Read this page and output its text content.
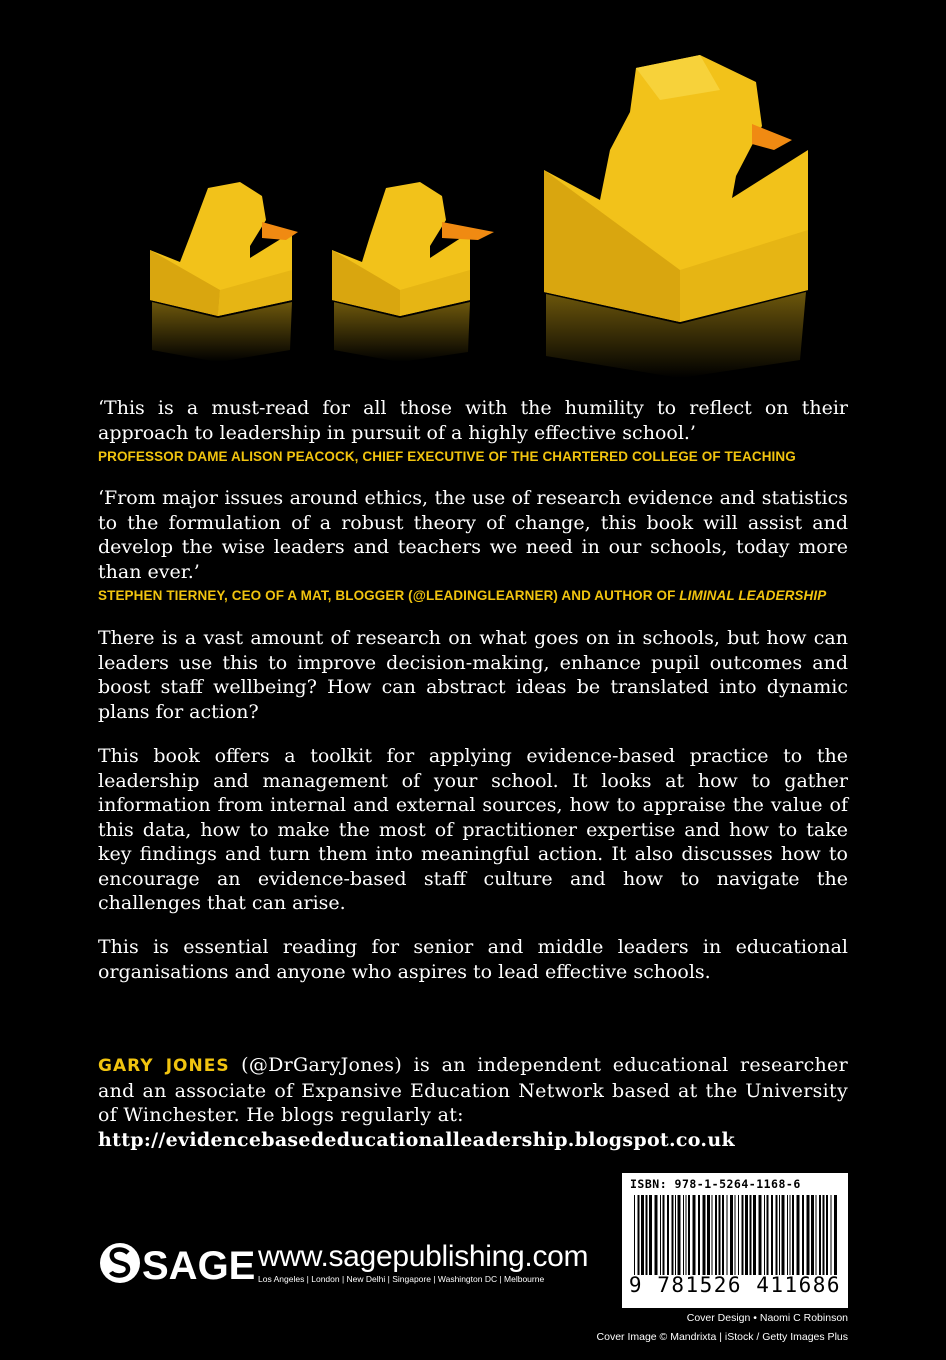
‘This is a must-read for all those with the humility to reflect on their approach to leadership in pursuit of a highly effective school.’

PROFESSOR DAME ALISON PEACOCK, CHIEF EXECUTIVE OF THE CHARTERED COLLEGE OF TEACHING

‘From major issues around ethics, the use of research evidence and statistics to the formulation of a robust theory of change, this book will assist and develop the wise leaders and teachers we need in our schools, today more than ever.’

STEPHEN TIERNEY, CEO OF A MAT, BLOGGER (@LEADINGLEARNER) AND AUTHOR OF LIMINAL LEADERSHIP

There is a vast amount of research on what goes on in schools, but how can leaders use this to improve decision-making, enhance pupil outcomes and boost staff wellbeing? How can abstract ideas be translated into dynamic plans for action?

This book offers a toolkit for applying evidence-based practice to the leadership and management of your school. It looks at how to gather information from internal and external sources, how to appraise the value of this data, how to make the most of practitioner expertise and how to take key findings and turn them into meaningful action. It also discusses how to encourage an evidence-based staff culture and how to navigate the challenges that can arise.

This is essential reading for senior and middle leaders in educational organisations and anyone who aspires to lead effective schools.

GARY JONES (@DrGaryJones) is an independent educational researcher and an associate of Expansive Education Network based at the University of Winchester. He blogs regularly at:
http://evidencebasededucationalleadership.blogspot.co.uk

SAGE www.sagepublishing.com
Los Angeles | London | New Delhi | Singapore | Washington DC | Melbourne
ISBN: 978-1-5264-1168-6
9 781526 411686
Cover Design • Naomi C Robinson
Cover Image © Mandrixta | iStock / Getty Images Plus
